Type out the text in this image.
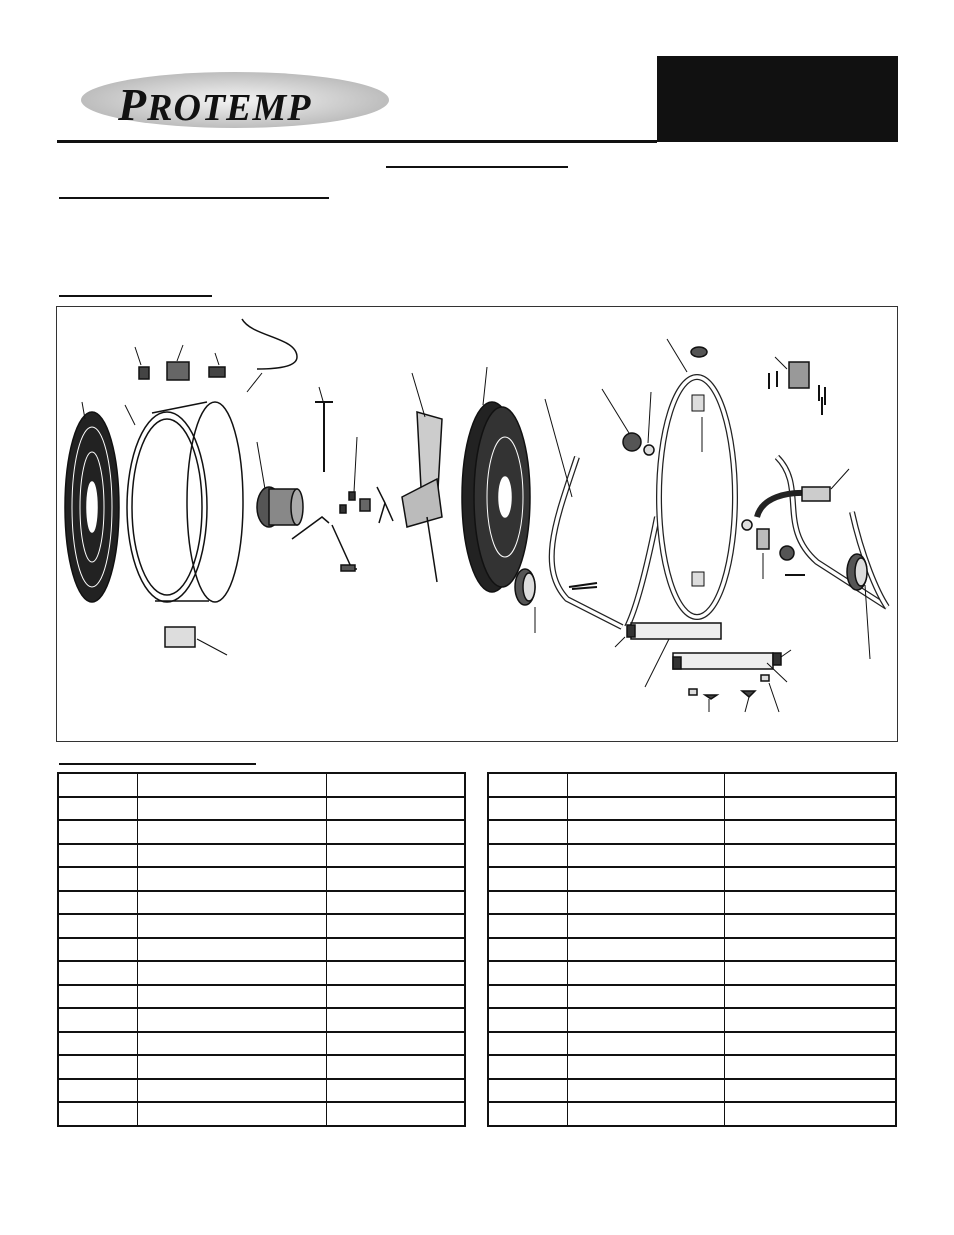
PROTEMP
